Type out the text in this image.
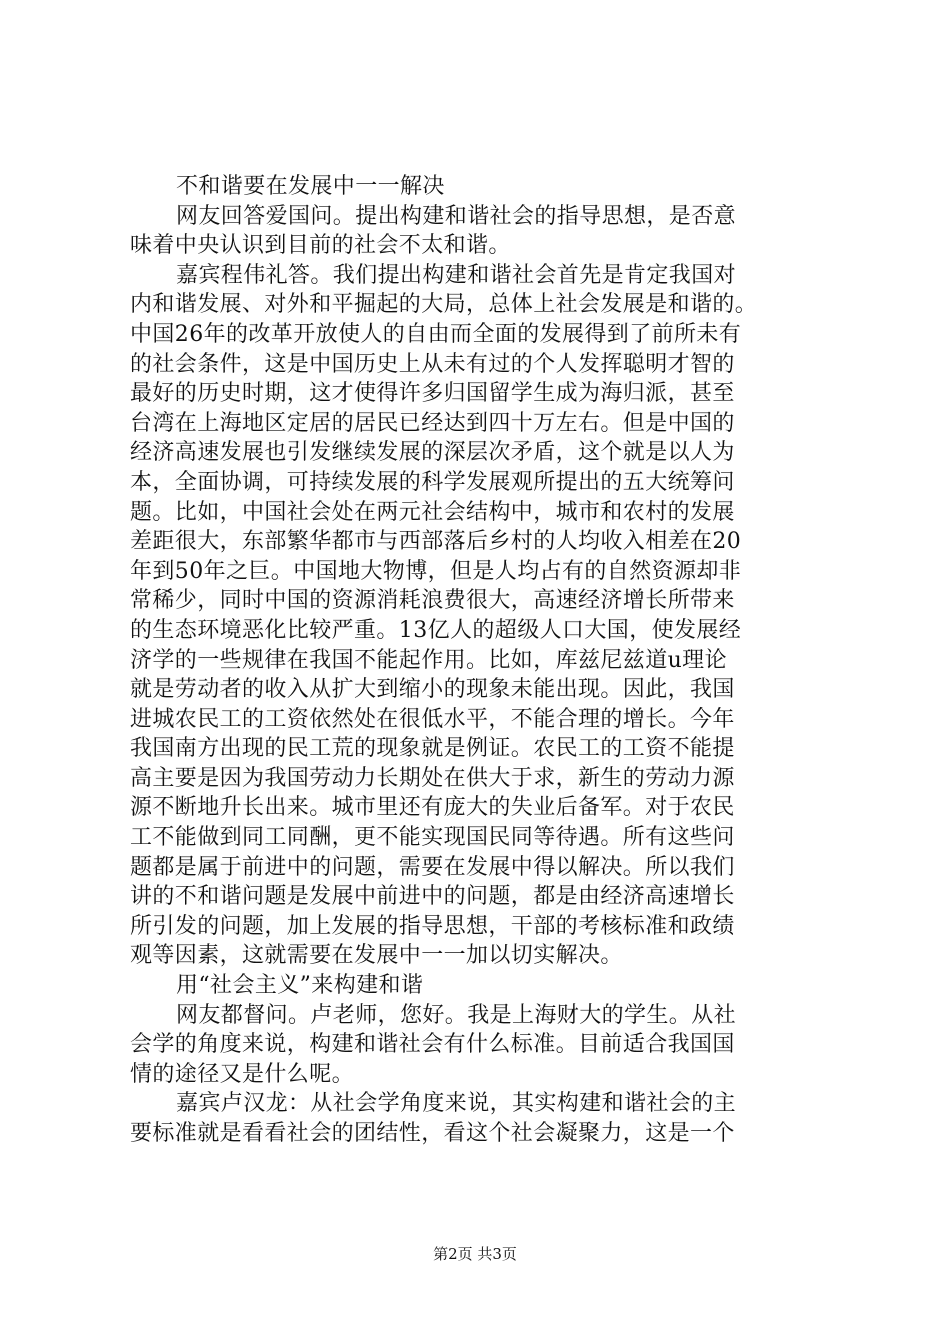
不和谐要在发展中一一解决
网友回答爱国问。提出构建和谐社会的指导思想，是否意
味着中央认识到目前的社会不太和谐。
嘉宾程伟礼答。我们提出构建和谐社会首先是肯定我国对
内和谐发展、对外和平掘起的大局，总体上社会发展是和谐的。
中国26年的改革开放使人的自由而全面的发展得到了前所未有
的社会条件，这是中国历史上从未有过的个人发挥聪明才智的
最好的历史时期，这才使得许多归国留学生成为海归派，甚至
台湾在上海地区定居的居民已经达到四十万左右。但是中国的
经济高速发展也引发继续发展的深层次矛盾，这个就是以人为
本，全面协调，可持续发展的科学发展观所提出的五大统筹问
题。比如，中国社会处在两元社会结构中，城市和农村的发展
差距很大，东部繁华都市与西部落后乡村的人均收入相差在20
年到50年之巨。中国地大物博，但是人均占有的自然资源却非
常稀少，同时中国的资源消耗浪费很大，高速经济增长所带来
的生态环境恶化比较严重。13亿人的超级人口大国，使发展经
济学的一些规律在我国不能起作用。比如，库兹尼兹道u理论
就是劳动者的收入从扩大到缩小的现象未能出现。因此，我国
进城农民工的工资依然处在很低水平，不能合理的增长。今年
我国南方出现的民工荒的现象就是例证。农民工的工资不能提
高主要是因为我国劳动力长期处在供大于求，新生的劳动力源
源不断地升长出来。城市里还有庞大的失业后备军。对于农民
工不能做到同工同酬，更不能实现国民同等待遇。所有这些问
题都是属于前进中的问题，需要在发展中得以解决。所以我们
讲的不和谐问题是发展中前进中的问题，都是由经济高速增长
所引发的问题，加上发展的指导思想，干部的考核标准和政绩
观等因素，这就需要在发展中一一加以切实解决。
用“社会主义”来构建和谐
网友都督问。卢老师，您好。我是上海财大的学生。从社
会学的角度来说，构建和谐社会有什么标准。目前适合我国国
情的途径又是什么呢。
嘉宾卢汉龙：从社会学角度来说，其实构建和谐社会的主
要标准就是看看社会的团结性，看这个社会凝聚力，这是一个
第2页 共3页
